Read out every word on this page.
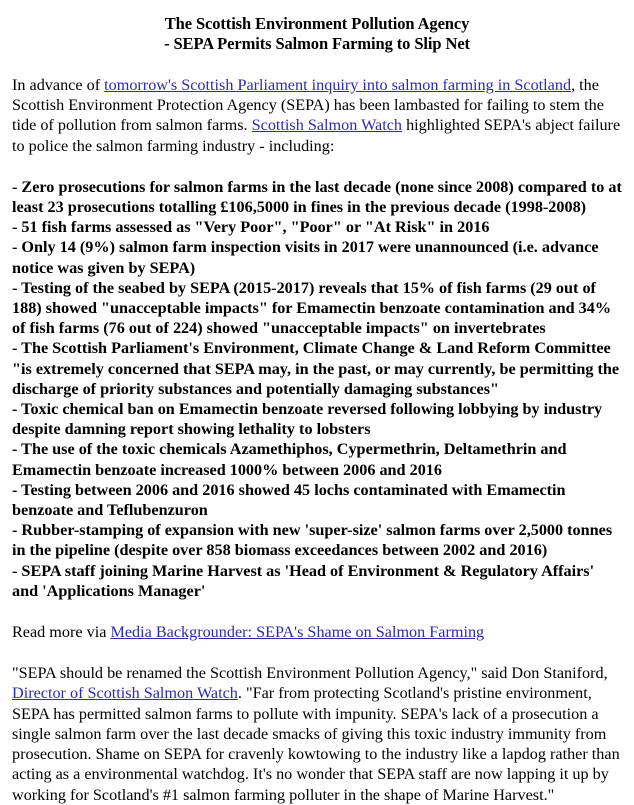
The Scottish Environment Pollution Agency
- SEPA Permits Salmon Farming to Slip Net

In advance of tomorrow's Scottish Parliament inquiry into salmon farming in Scotland, the Scottish Environment Protection Agency (SEPA) has been lambasted for failing to stem the tide of pollution from salmon farms. Scottish Salmon Watch highlighted SEPA's abject failure to police the salmon farming industry - including:

- Zero prosecutions for salmon farms in the last decade (none since 2008) compared to at least 23 prosecutions totalling £106,5000 in fines in the previous decade (1998-2008)

- 51 fish farms assessed as "Very Poor", "Poor" or "At Risk" in 2016

- Only 14 (9%) salmon farm inspection visits in 2017 were unannounced (i.e. advance notice was given by SEPA)

- Testing of the seabed by SEPA (2015-2017) reveals that 15% of fish farms (29 out of 188) showed "unacceptable impacts" for Emamectin benzoate contamination and 34% of fish farms (76 out of 224) showed "unacceptable impacts" on invertebrates

- The Scottish Parliament's Environment, Climate Change & Land Reform Committee "is extremely concerned that SEPA may, in the past, or may currently, be permitting the discharge of priority substances and potentially damaging substances"

- Toxic chemical ban on Emamectin benzoate reversed following lobbying by industry despite damning report showing lethality to lobsters

- The use of the toxic chemicals Azamethiphos, Cypermethrin, Deltamethrin and Emamectin benzoate increased 1000% between 2006 and 2016

- Testing between 2006 and 2016 showed 45 lochs contaminated with Emamectin benzoate and Teflubenzuron

- Rubber-stamping of expansion with new 'super-size' salmon farms over 2,5000 tonnes in the pipeline (despite over 858 biomass exceedances between 2002 and 2016)

- SEPA staff joining Marine Harvest as 'Head of Environment & Regulatory Affairs' and 'Applications Manager'

Read more via Media Backgrounder: SEPA's Shame on Salmon Farming

"SEPA should be renamed the Scottish Environment Pollution Agency," said Don Staniford, Director of Scottish Salmon Watch. "Far from protecting Scotland's pristine environment, SEPA has permitted salmon farms to pollute with impunity. SEPA's lack of a prosecution a single salmon farm over the last decade smacks of giving this toxic industry immunity from prosecution. Shame on SEPA for cravenly kowtowing to the industry like a lapdog rather than acting as a environmental watchdog. It's no wonder that SEPA staff are now lapping it up by working for Scotland's #1 salmon farming polluter in the shape of Marine Harvest."
